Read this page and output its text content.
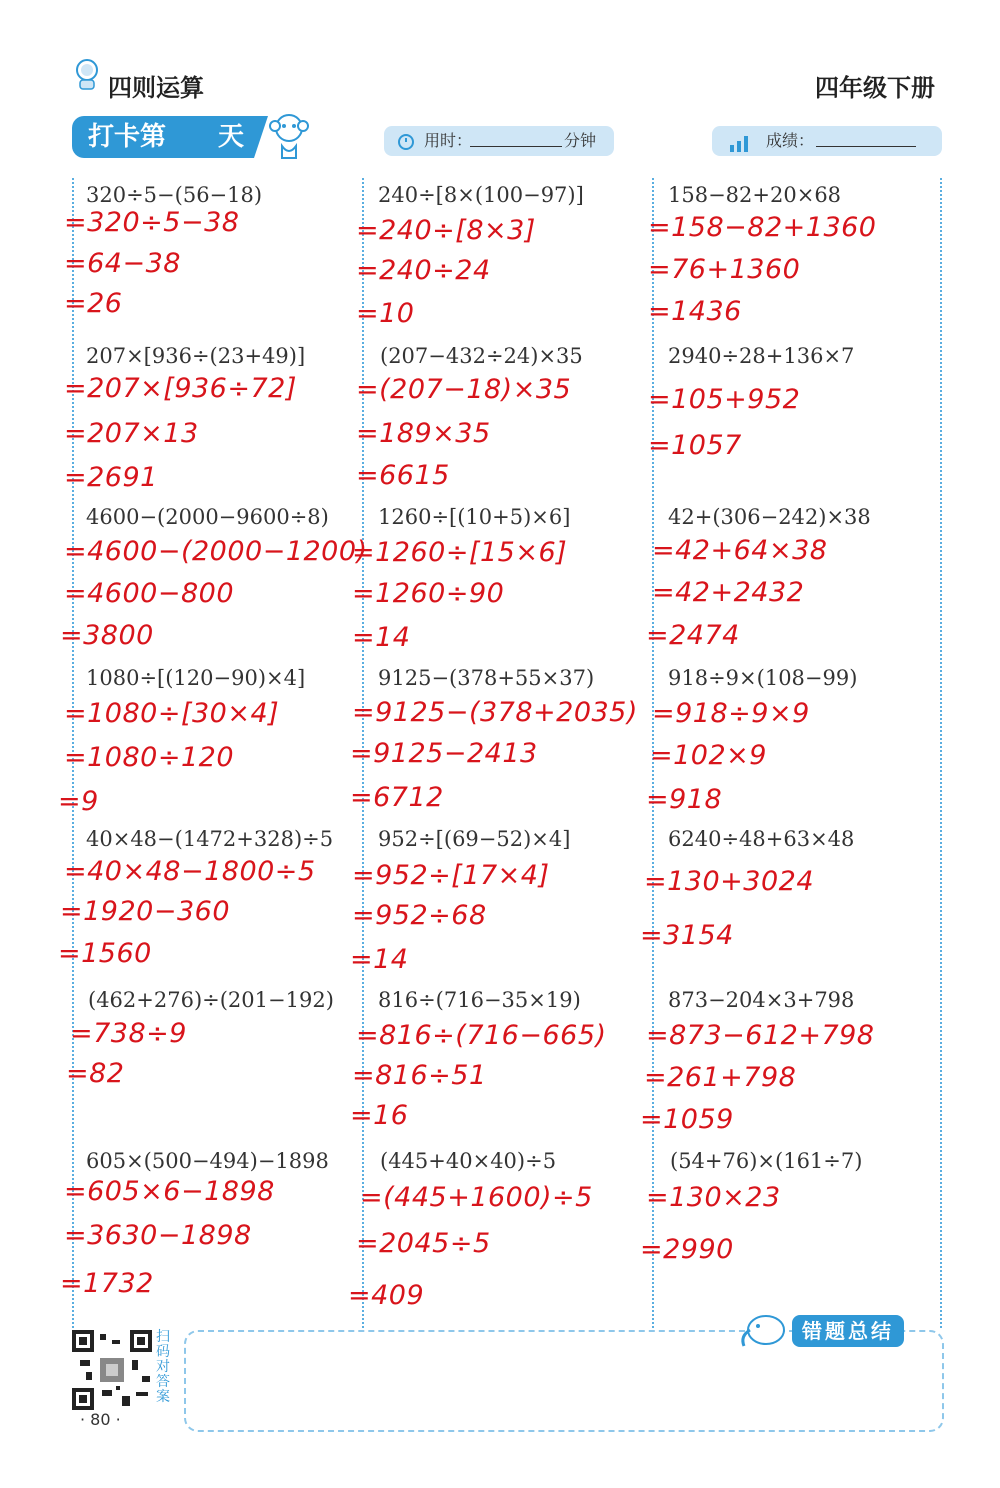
四则运算	四年级下册
打卡第 天	用时：	分钟	成绩：
320÷5−(56−18)
=320÷5−38
=64−38
=26
240÷[8×(100−97)]
=240÷[8×3]
=240÷24
=10
158−82+20×68
=158−82+1360
=76+1360
=1436
207×[936÷(23+49)]
=207×[936÷72]
=207×13
=2691
(207−432÷24)×35
=(207−18)×35
=189×35
=6615
2940÷28+136×7
=105+952
=1057
4600−(2000−9600÷8)
=4600−(2000−1200)
=4600−800
=3800
1260÷[(10+5)×6]
=1260÷[15×6]
=1260÷90
=14
42+(306−242)×38
=42+64×38
=42+2432
=2474
1080÷[(120−90)×4]
=1080÷[30×4]
=1080÷120
=9
9125−(378+55×37)
=9125−(378+2035)
=9125−2413
=6712
918÷9×(108−99)
=918÷9×9
=102×9
=918
40×48−(1472+328)÷5
=40×48−1800÷5
=1920−360
=1560
952÷[(69−52)×4]
=952÷[17×4]
=952÷68
=14
6240÷48+63×48
=130+3024
=3154
(462+276)÷(201−192)
=738÷9
=82
816÷(716−35×19)
=816÷(716−665)
=816÷51
=16
873−204×3+798
=873−612+798
=261+798
=1059
605×(500−494)−1898
=605×6−1898
=3630−1898
=1732
(445+40×40)÷5
=(445+1600)÷5
=2045÷5
=409
(54+76)×(161÷7)
=130×23
=2990
错题总结
扫码对答案
· 80 ·
